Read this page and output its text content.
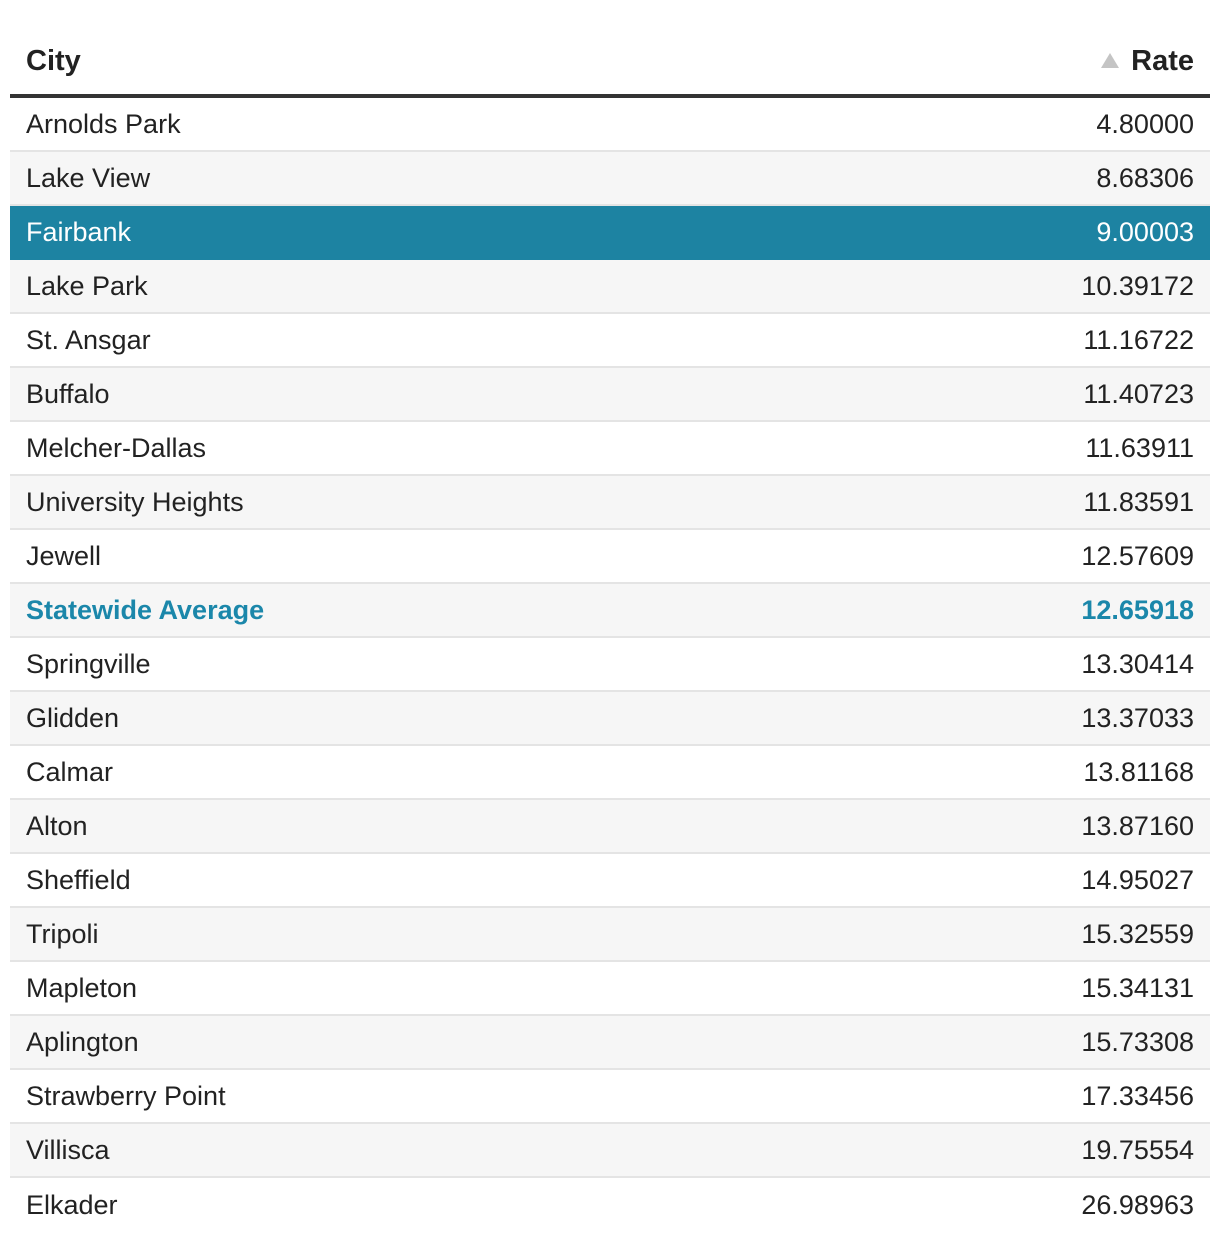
City	Rate
Arnolds Park	4.80000
Lake View	8.68306
Fairbank	9.00003
Lake Park	10.39172
St. Ansgar	11.16722
Buffalo	11.40723
Melcher-Dallas	11.63911
University Heights	11.83591
Jewell	12.57609
Statewide Average	12.65918
Springville	13.30414
Glidden	13.37033
Calmar	13.81168
Alton	13.87160
Sheffield	14.95027
Tripoli	15.32559
Mapleton	15.34131
Aplington	15.73308
Strawberry Point	17.33456
Villisca	19.75554
Elkader	26.98963
